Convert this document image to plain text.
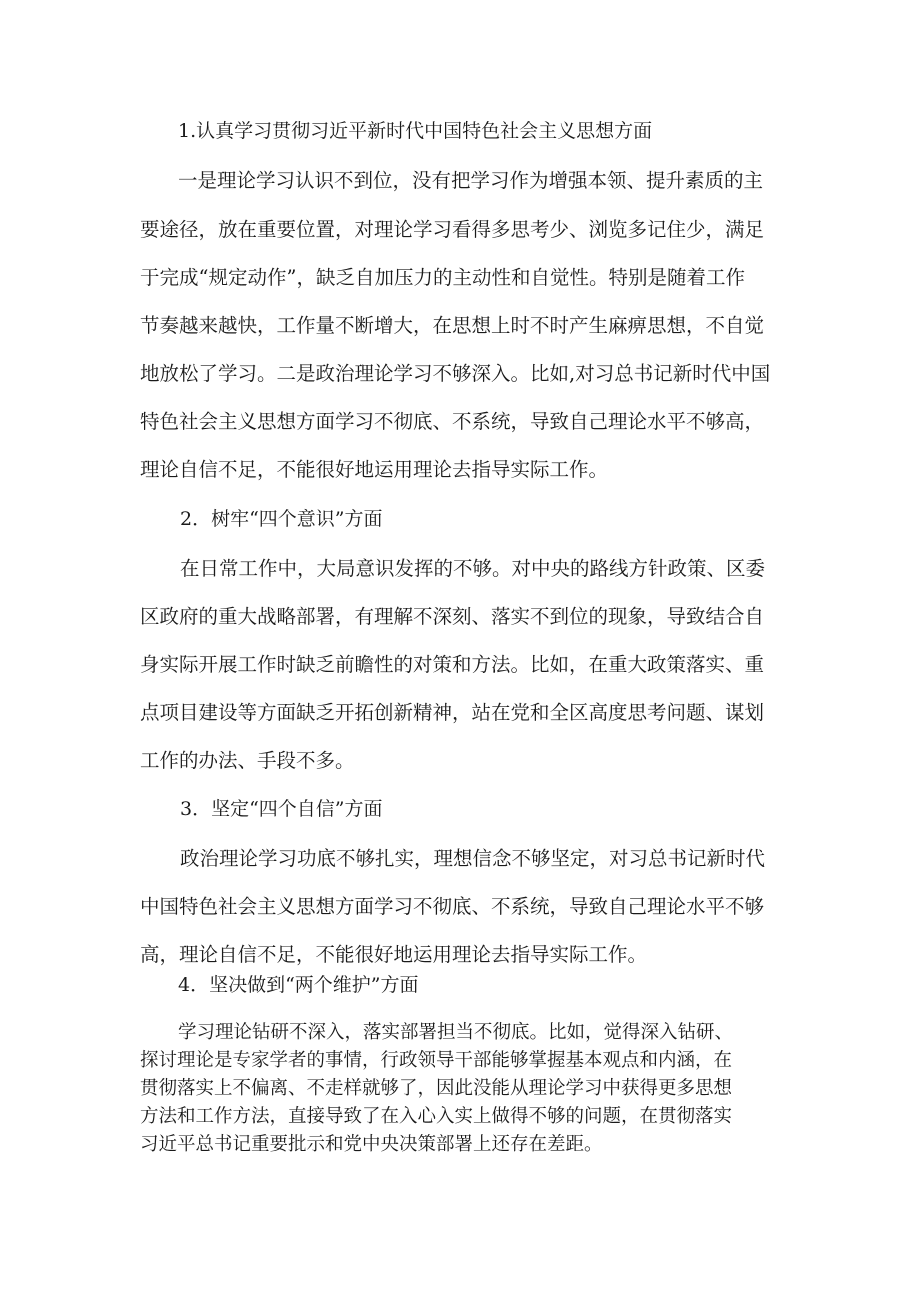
1.认真学习贯彻习近平新时代中国特色社会主义思想方面

一是理论学习认识不到位，没有把学习作为增强本领、提升素质的主

要途径，放在重要位置，对理论学习看得多思考少、浏览多记住少，满足

于完成“规定动作”，缺乏自加压力的主动性和自觉性。特别是随着工作

节奏越来越快，工作量不断增大，在思想上时不时产生麻痹思想，不自觉

地放松了学习。二是政治理论学习不够深入。比如,对习总书记新时代中国

特色社会主义思想方面学习不彻底、不系统，导致自己理论水平不够高，

理论自信不足，不能很好地运用理论去指导实际工作。

2．树牢“四个意识”方面

在日常工作中，大局意识发挥的不够。对中央的路线方针政策、区委

区政府的重大战略部署，有理解不深刻、落实不到位的现象，导致结合自

身实际开展工作时缺乏前瞻性的对策和方法。比如，在重大政策落实、重

点项目建设等方面缺乏开拓创新精神，站在党和全区高度思考问题、谋划

工作的办法、手段不多。

3．坚定“四个自信”方面

政治理论学习功底不够扎实，理想信念不够坚定，对习总书记新时代

中国特色社会主义思想方面学习不彻底、不系统，导致自己理论水平不够

高，理论自信不足，不能很好地运用理论去指导实际工作。

4．坚决做到“两个维护”方面

学习理论钻研不深入，落实部署担当不彻底。比如，觉得深入钻研、

探讨理论是专家学者的事情，行政领导干部能够掌握基本观点和内涵，在

贯彻落实上不偏离、不走样就够了，因此没能从理论学习中获得更多思想

方法和工作方法，直接导致了在入心入实上做得不够的问题，在贯彻落实

习近平总书记重要批示和党中央决策部署上还存在差距。
